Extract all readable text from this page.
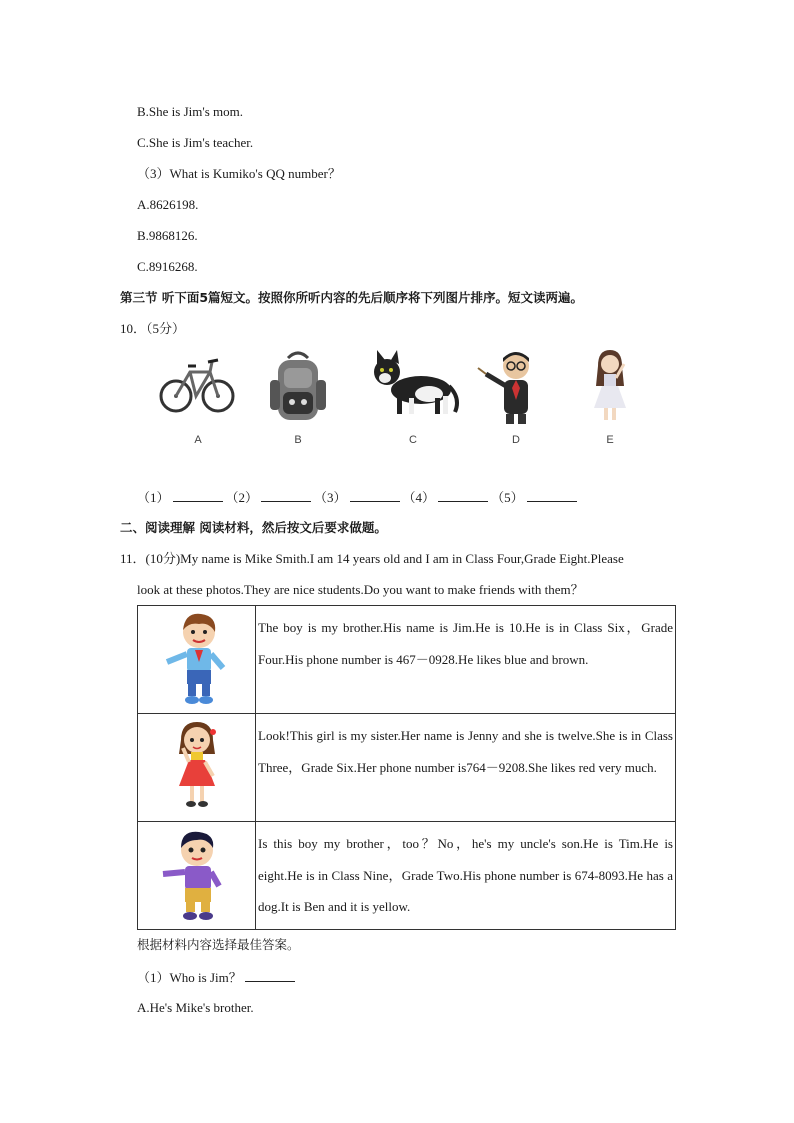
B.She is Jim's mom.
C.She is Jim's teacher.
（3）What is Kumiko's QQ number？
A.8626198.
B.9868126.
C.8916268.
第三节 听下面5篇短文。按照你所听内容的先后顺序将下列图片排序。短文读两遍。
10．（5分）
A	B	C	D	E
（1）	（2）	（3）	（4）	（5）
二、阅读理解 阅读材料，然后按文后要求做题。
11．(10分)My name is Mike Smith.I am 14 years old and I am in Class Four,Grade Eight.Please
look at these photos.They are nice students.Do you want to make friends with them？
	The boy is my brother.His name is Jim.He is 10.He is in Class Six，Grade Four.His phone number is 467－0928.He likes blue and brown.
	Look!This girl is my sister.Her name is Jenny and she is twelve.She is in Class Three，Grade Six.Her phone number is764－9208.She likes red very much.
	Is this boy my brother，too？No，he's my uncle's son.He is Tim.He is eight.He is in Class Nine，Grade Two.His phone number is 674-8093.He has a dog.It is Ben and it is yellow.
根据材料内容选择最佳答案。
（1）Who is Jim？
A.He's Mike's brother.
